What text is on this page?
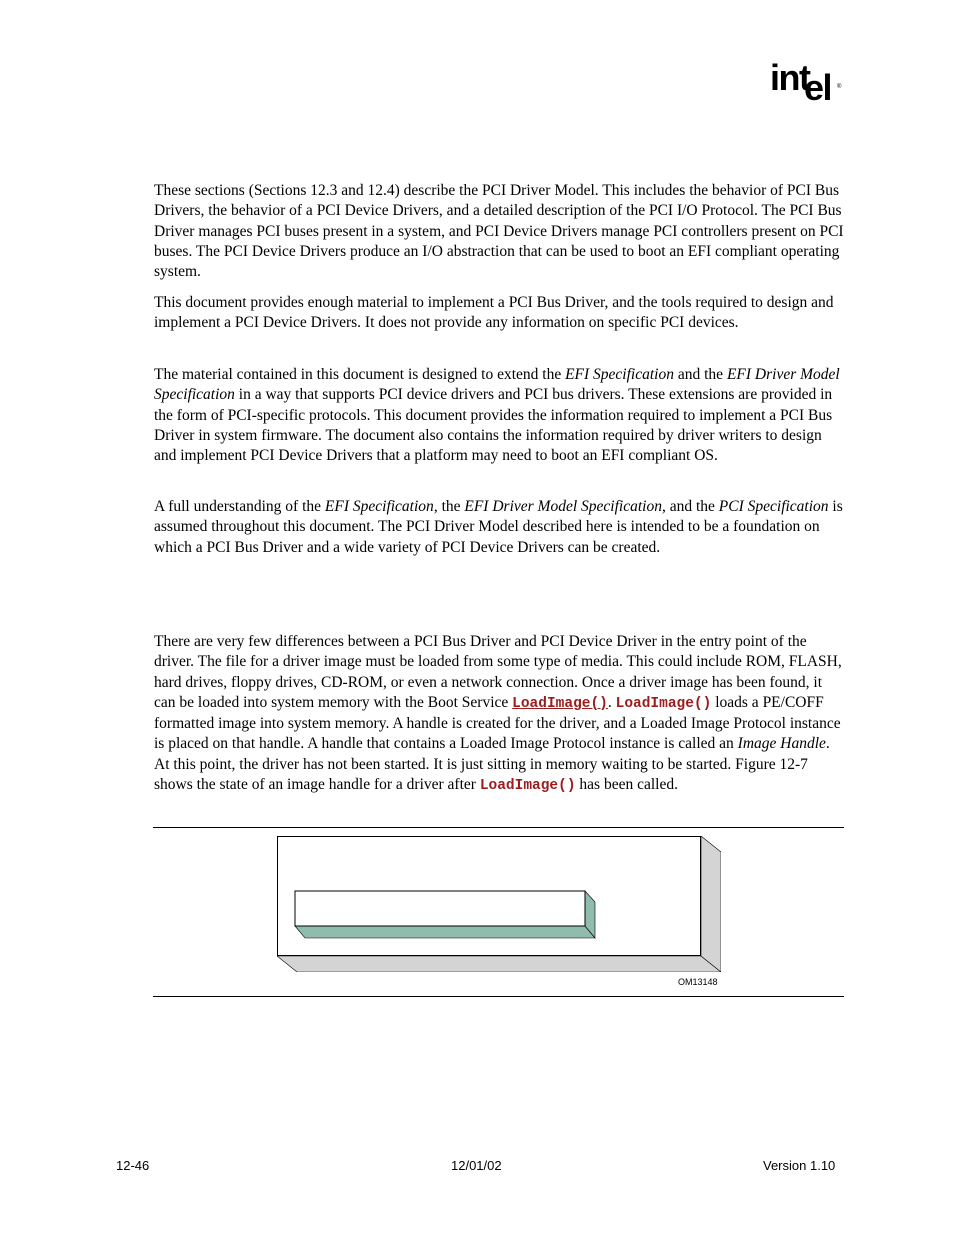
int
el ®

These sections (Sections 12.3 and 12.4) describe the PCI Driver Model. This includes the behavior of PCI Bus Drivers, the behavior of a PCI Device Drivers, and a detailed description of the PCI I/O Protocol. The PCI Bus Driver manages PCI buses present in a system, and PCI Device Drivers manage PCI controllers present on PCI buses. The PCI Device Drivers produce an I/O abstraction that can be used to boot an EFI compliant operating system.

This document provides enough material to implement a PCI Bus Driver, and the tools required to design and implement a PCI Device Drivers. It does not provide any information on specific PCI devices.

The material contained in this document is designed to extend the EFI Specification and the EFI Driver Model Specification in a way that supports PCI device drivers and PCI bus drivers. These extensions are provided in the form of PCI-specific protocols. This document provides the information required to implement a PCI Bus Driver in system firmware. The document also contains the information required by driver writers to design and implement PCI Device Drivers that a platform may need to boot an EFI compliant OS.

A full understanding of the EFI Specification, the EFI Driver Model Specification, and the PCI Specification is assumed throughout this document. The PCI Driver Model described here is intended to be a foundation on which a PCI Bus Driver and a wide variety of PCI Device Drivers can be created.

There are very few differences between a PCI Bus Driver and PCI Device Driver in the entry point of the driver. The file for a driver image must be loaded from some type of media. This could include ROM, FLASH, hard drives, floppy drives, CD-ROM, or even a network connection. Once a driver image has been found, it can be loaded into system memory with the Boot Service LoadImage(). LoadImage() loads a PE/COFF formatted image into system memory. A handle is created for the driver, and a Loaded Image Protocol instance is placed on that handle. A handle that contains a Loaded Image Protocol instance is called an Image Handle. At this point, the driver has not been started. It is just sitting in memory waiting to be started. Figure 12-7 shows the state of an image handle for a driver after LoadImage() has been called.

OM13148
12-46	12/01/02	Version 1.10
